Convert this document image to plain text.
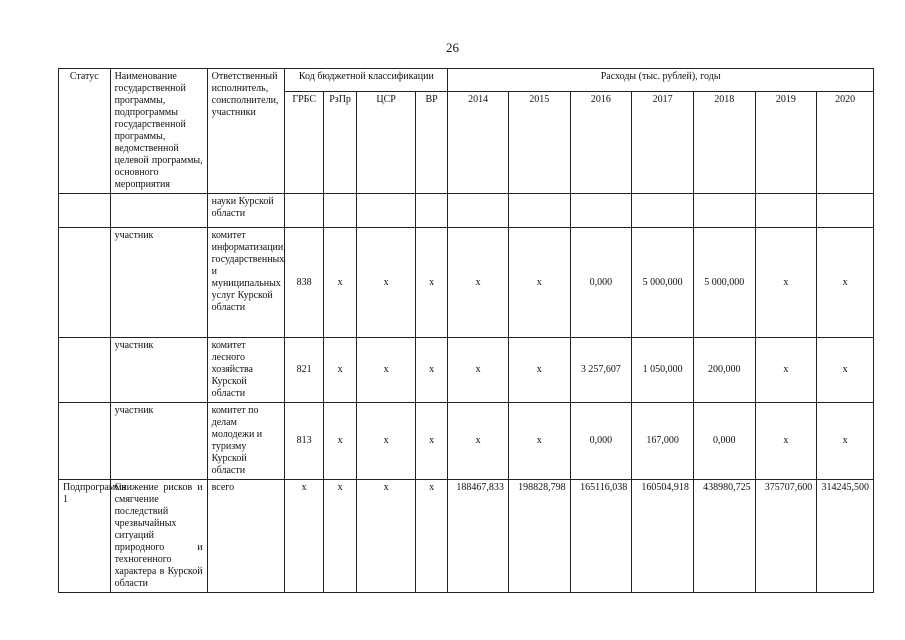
26
Статус	Наименование государственной программы, подпрограммы государственной программы, ведомственной целевой программы, основного мероприятия	Ответственный исполнитель, соисполнители, участники	Код бюджетной классификации				Расходы (тыс. рублей), годы						
			ГРБС	РзПр	ЦСР	ВР	2014	2015	2016	2017	2018	2019	2020
		науки Курской области											
	участник	комитет информатизации, государственных и муниципальных услуг Курской области	838	х	х	х	х	х	0,000	5 000,000	5 000,000	х	х
	участник	комитет лесного хозяйства Курской области	821	х	х	х	х	х	3 257,607	1 050,000	200,000	х	х
	участник	комитет по делам молодежи и туризму Курской области	813	х	х	х	х	х	0,000	167,000	0,000	х	х
Подпрограмма 1	Снижение рисков и смягчение последствий чрезвычайных ситуаций природного и техногенного характера в Курской области	всего	х	х	х	х	188467,833	198828,798	165116,038	160504,918	438980,725	375707,600	314245,500
